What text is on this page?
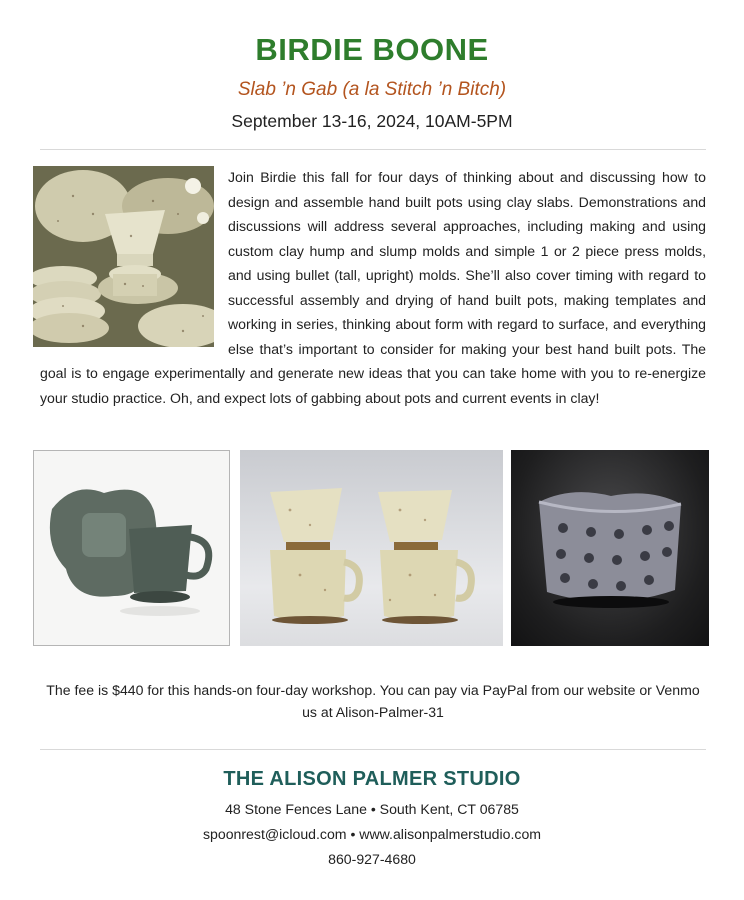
BIRDIE BOONE

Slab ’n Gab (a la Stitch ’n Bitch)

September 13-16, 2024, 10AM-5PM

Join Birdie this fall for four days of thinking about and discussing how to design and assemble hand built pots using clay slabs. Demonstrations and discussions will address several approaches, including making and using custom clay hump and slump molds and simple 1 or 2 piece press molds, and using bullet (tall, upright) molds. She’ll also cover timing with regard to successful assembly and drying of hand built pots, making templates and working in series, thinking about form with regard to surface, and everything else that’s important to consider for making your best hand built pots. The goal is to engage experimentally and generate new ideas that you can take home with you to re-energize your studio practice. Oh, and expect lots of gabbing about pots and current events in clay!
The fee is $440 for this hands-on four-day workshop. You can pay via PayPal from our website or Venmo us at Alison-Palmer-31
THE ALISON PALMER STUDIO
48 Stone Fences Lane • South Kent, CT 06785
spoonrest@icloud.com • www.alisonpalmerstudio.com
860-927-4680
